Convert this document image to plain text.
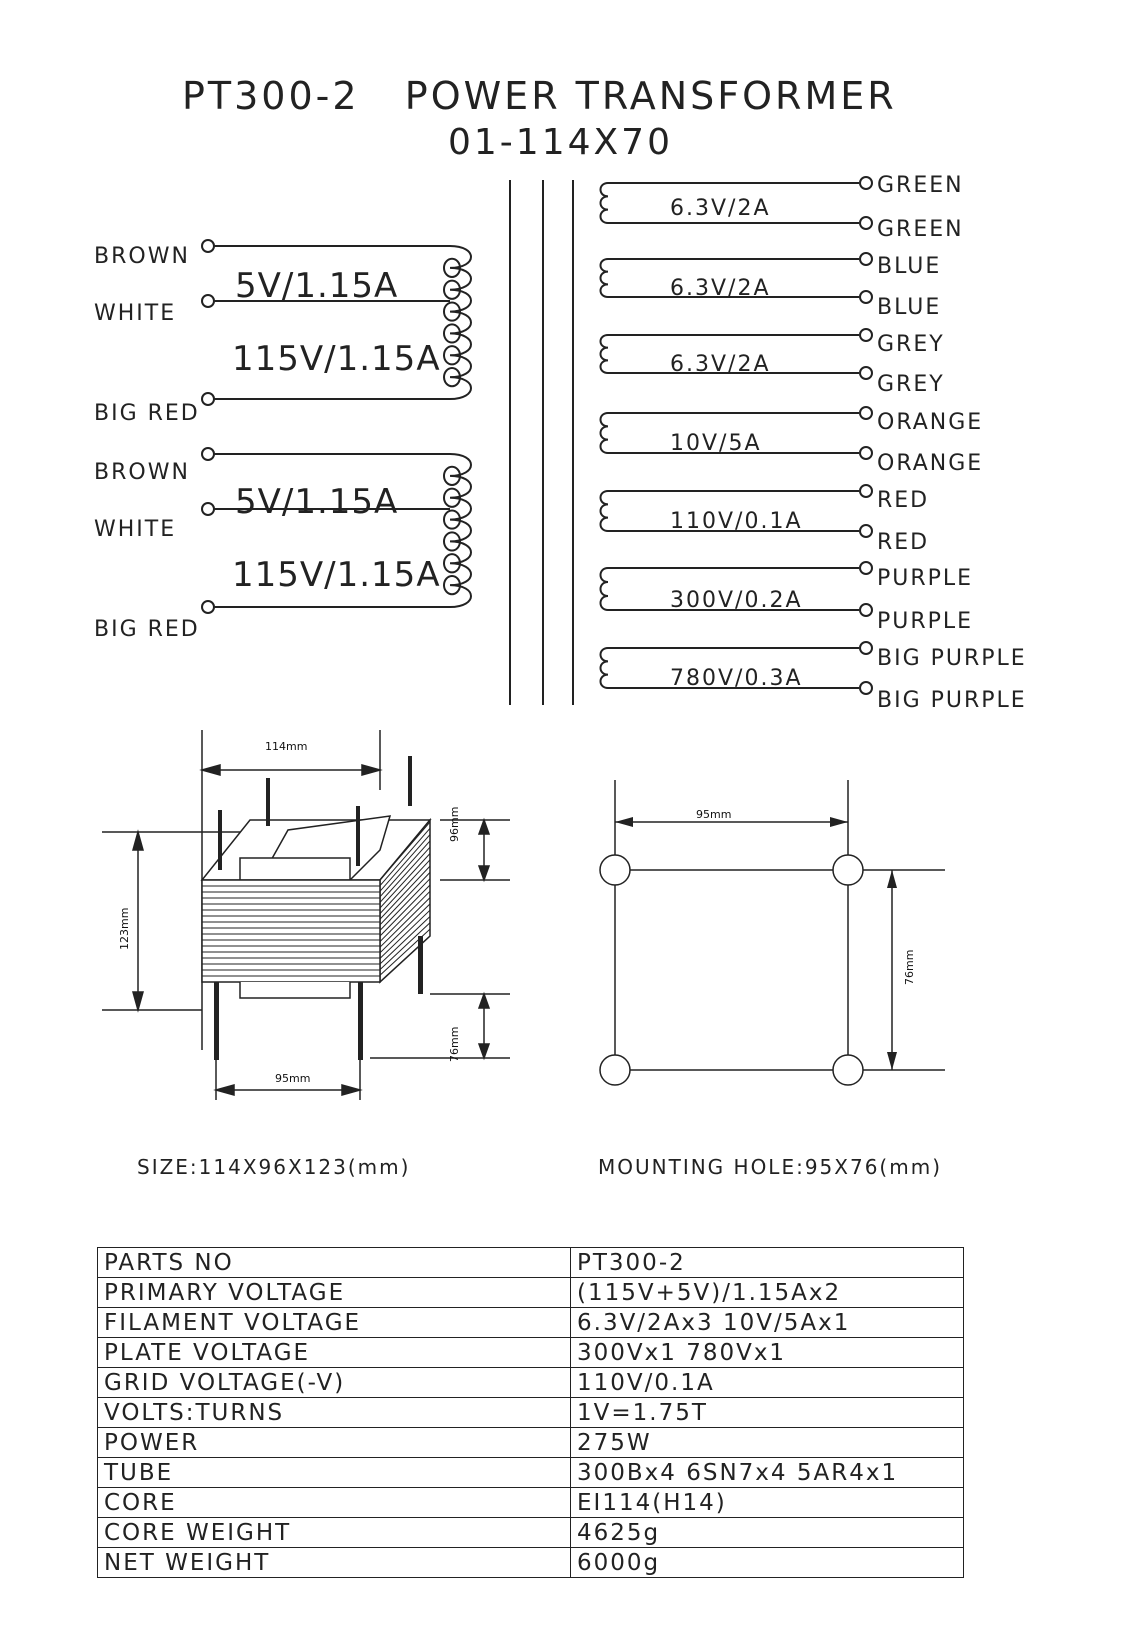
PT300-2   POWER TRANSFORMER
01-114X70
BROWN
WHITE
BIG RED
5V/1.15A
115V/1.15A
BROWN
WHITE
BIG RED
5V/1.15A
115V/1.15A
6.3V/2A
GREEN
GREEN
6.3V/2A
BLUE
BLUE
6.3V/2A
GREY
GREY
10V/5A
ORANGE
ORANGE
110V/0.1A
RED
RED
300V/0.2A
PURPLE
PURPLE
780V/0.3A
BIG PURPLE
BIG PURPLE
114mm
96mm
123mm
76mm
95mm
95mm
76mm
SIZE:114X96X123(mm)	MOUNTING HOLE:95X76(mm)
PARTS NO	PT300-2
PRIMARY VOLTAGE	(115V+5V)/1.15Ax2
FILAMENT VOLTAGE	6.3V/2Ax3 10V/5Ax1
PLATE VOLTAGE	300Vx1 780Vx1
GRID VOLTAGE(-V)	110V/0.1A
VOLTS:TURNS	1V=1.75T
POWER	275W
TUBE	300Bx4 6SN7x4 5AR4x1
CORE	EI114(H14)
CORE WEIGHT	4625g
NET WEIGHT	6000g
